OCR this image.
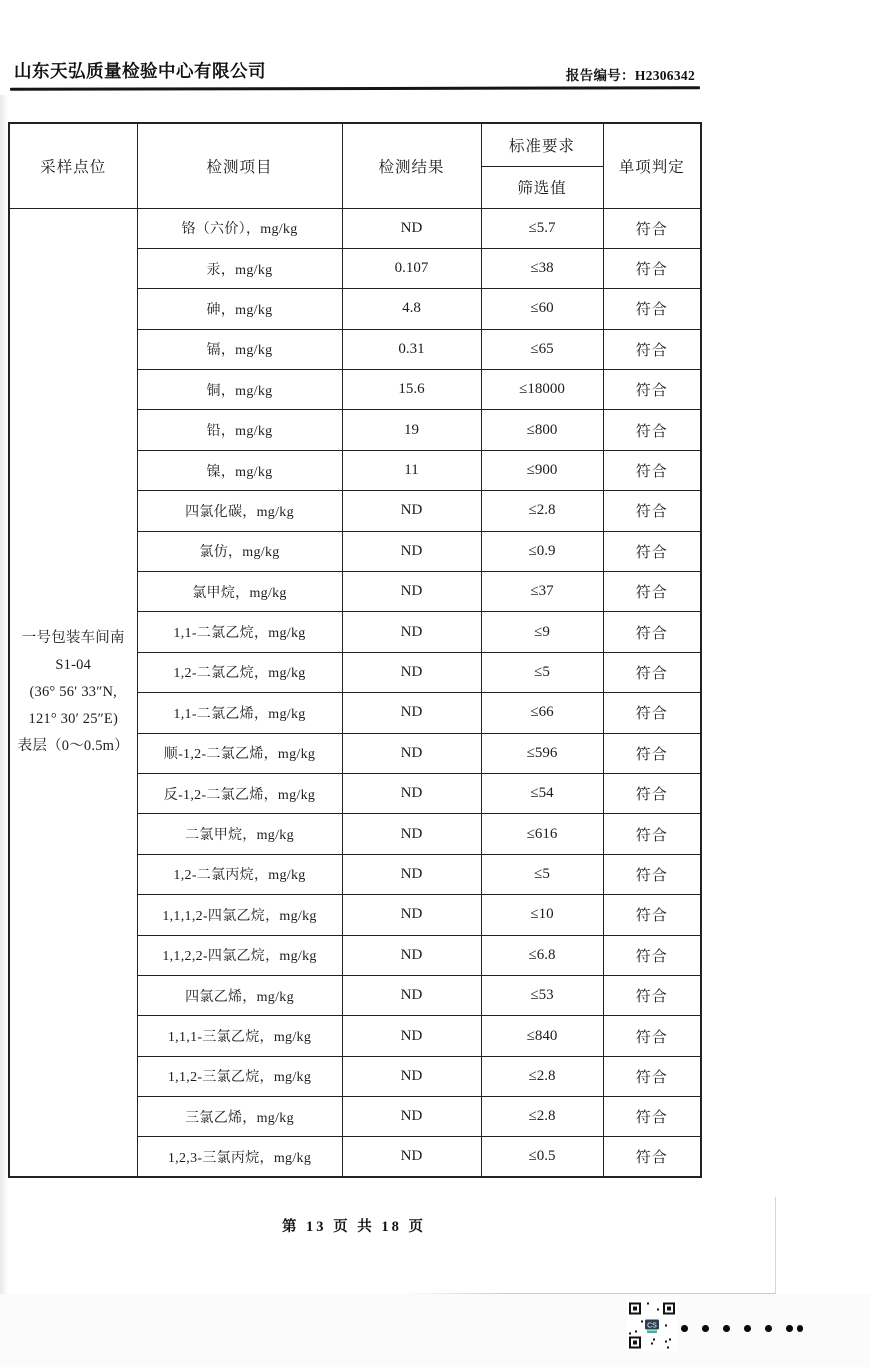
山东天弘质量检验中心有限公司	报告编号：H2306342
采样点位	检测项目	检测结果	标准要求	单项判定
			筛选值	

一号包装车间南
S1-04
(36° 56′ 33″N,
121° 30′ 25″E)
表层（0～0.5m）	铬（六价），mg/kg	ND	≤5.7	符合
	汞，mg/kg	0.107	≤38	符合
	砷，mg/kg	4.8	≤60	符合
	镉，mg/kg	0.31	≤65	符合
	铜，mg/kg	15.6	≤18000	符合
	铅，mg/kg	19	≤800	符合
	镍，mg/kg	11	≤900	符合
	四氯化碳，mg/kg	ND	≤2.8	符合
	氯仿，mg/kg	ND	≤0.9	符合
	氯甲烷，mg/kg	ND	≤37	符合
	1,1-二氯乙烷，mg/kg	ND	≤9	符合
	1,2-二氯乙烷，mg/kg	ND	≤5	符合
	1,1-二氯乙烯，mg/kg	ND	≤66	符合
	顺-1,2-二氯乙烯，mg/kg	ND	≤596	符合
	反-1,2-二氯乙烯，mg/kg	ND	≤54	符合
	二氯甲烷，mg/kg	ND	≤616	符合
	1,2-二氯丙烷，mg/kg	ND	≤5	符合
	1,1,1,2-四氯乙烷，mg/kg	ND	≤10	符合
	1,1,2,2-四氯乙烷，mg/kg	ND	≤6.8	符合
	四氯乙烯，mg/kg	ND	≤53	符合
	1,1,1-三氯乙烷，mg/kg	ND	≤840	符合
	1,1,2-三氯乙烷，mg/kg	ND	≤2.8	符合
	三氯乙烯，mg/kg	ND	≤2.8	符合
	1,2,3-三氯丙烷，mg/kg	ND	≤0.5	符合
第 13 页 共 18 页
CS
